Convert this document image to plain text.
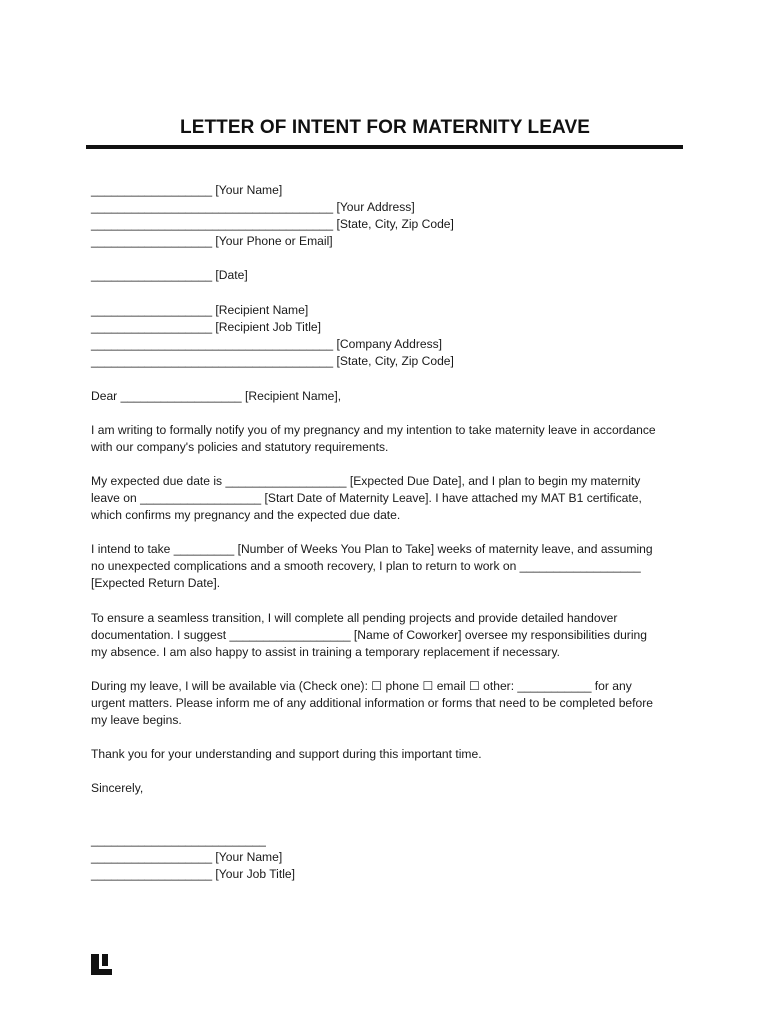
LETTER OF INTENT FOR MATERNITY LEAVE
__________________ [Your Name]
____________________________________ [Your Address]
____________________________________ [State, City, Zip Code]
__________________ [Your Phone or Email]
__________________ [Date]
__________________ [Recipient Name]
__________________ [Recipient Job Title]
____________________________________ [Company Address]
____________________________________ [State, City, Zip Code]
Dear __________________ [Recipient Name],
I am writing to formally notify you of my pregnancy and my intention to take maternity leave in accordance
with our company's policies and statutory requirements.
My expected due date is __________________ [Expected Due Date], and I plan to begin my maternity
leave on __________________ [Start Date of Maternity Leave]. I have attached my MAT B1 certificate,
which confirms my pregnancy and the expected due date.
I intend to take _________ [Number of Weeks You Plan to Take] weeks of maternity leave, and assuming
no unexpected complications and a smooth recovery, I plan to return to work on __________________
[Expected Return Date].
To ensure a seamless transition, I will complete all pending projects and provide detailed handover
documentation. I suggest __________________ [Name of Coworker] oversee my responsibilities during
my absence. I am also happy to assist in training a temporary replacement if necessary.
During my leave, I will be available via (Check one): ☐ phone ☐ email ☐ other: ___________ for any
urgent matters. Please inform me of any additional information or forms that need to be completed before
my leave begins.
Thank you for your understanding and support during this important time.
Sincerely,
__________________________
__________________ [Your Name]
__________________ [Your Job Title]
